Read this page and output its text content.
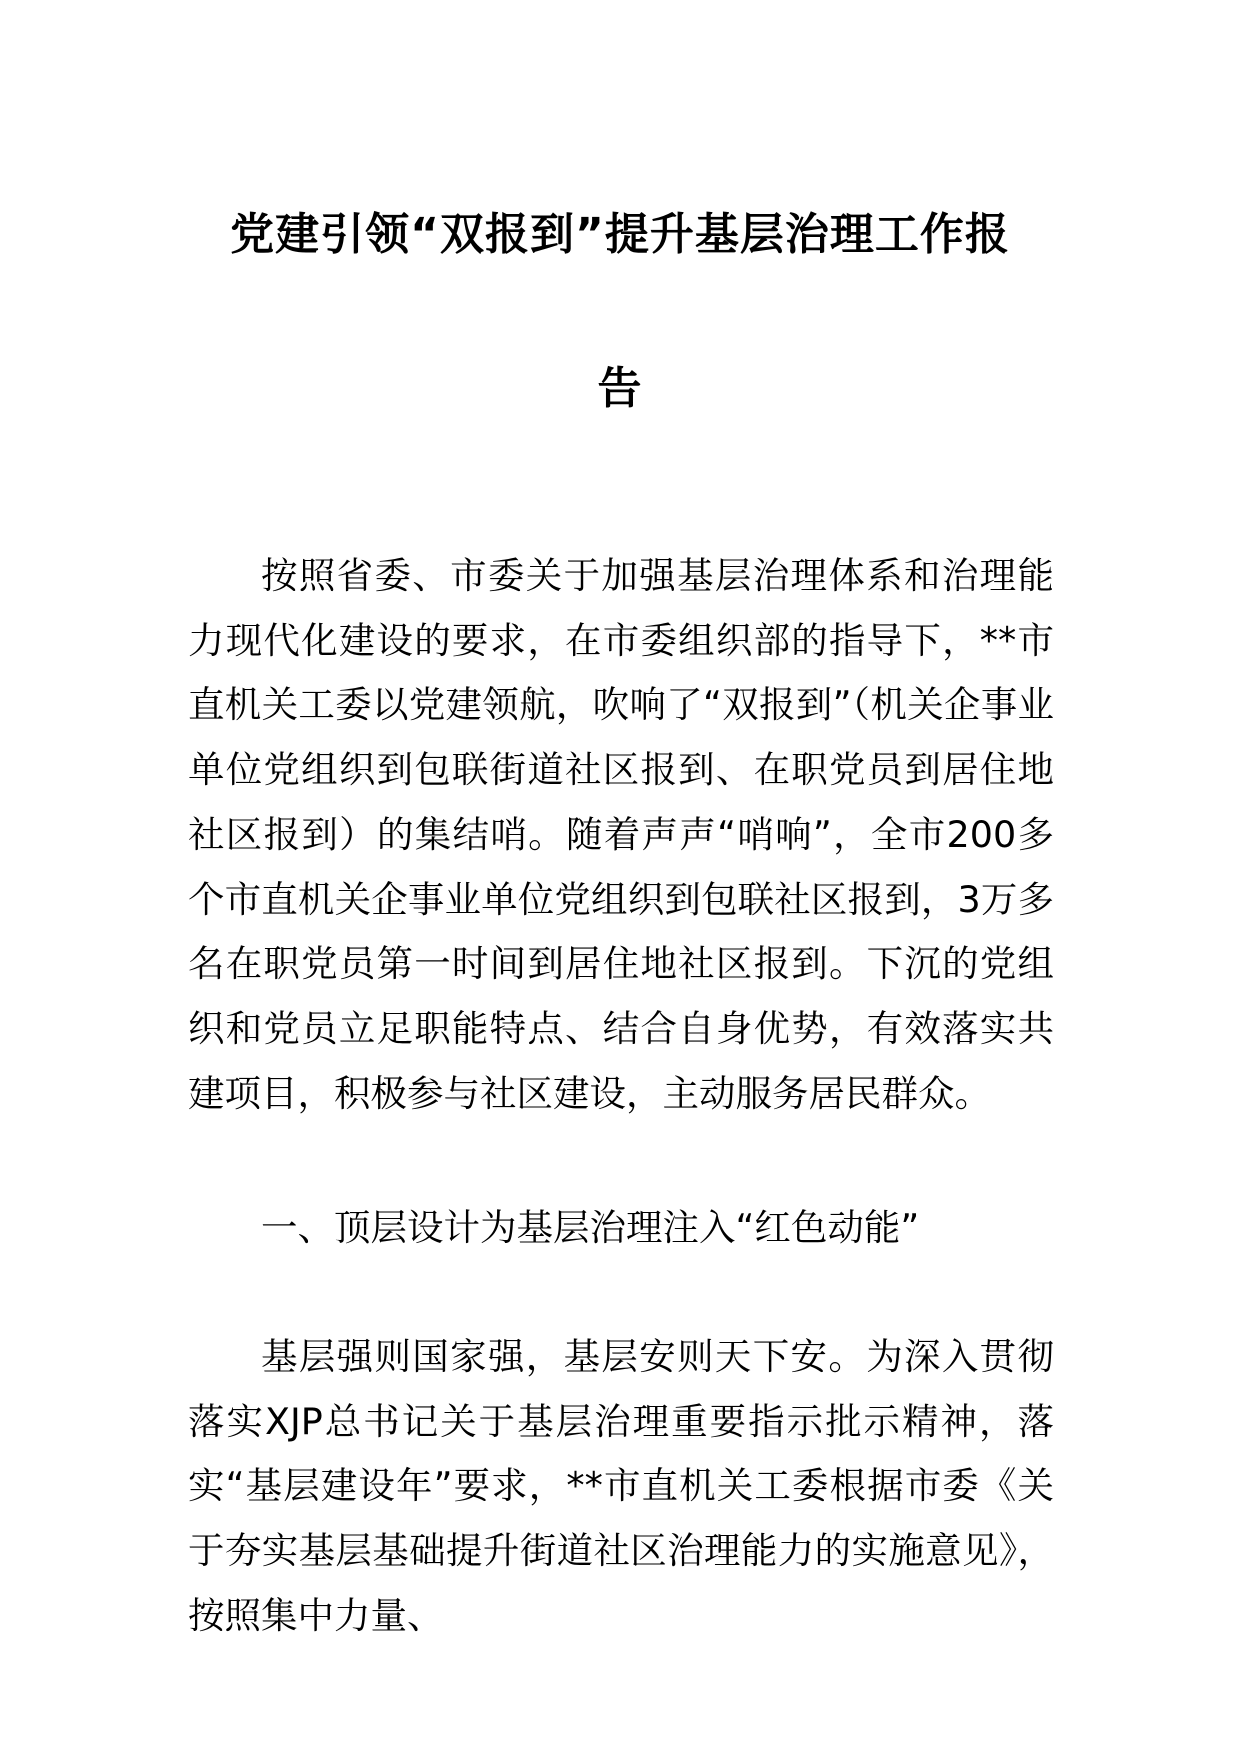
党建引领“双报到”提升基层治理工作报
告

按照省委、市委关于加强基层治理体系和治理能力现代化建设的要求，在市委组织部的指导下，**市直机关工委以党建领航，吹响了“双报到”（机关企事业单位党组织到包联街道社区报到、在职党员到居住地社区报到）的集结哨。随着声声“哨响”，全市200多个市直机关企事业单位党组织到包联社区报到，3万多名在职党员第一时间到居住地社区报到。下沉的党组织和党员立足职能特点、结合自身优势，有效落实共建项目，积极参与社区建设，主动服务居民群众。

一、顶层设计为基层治理注入“红色动能”

基层强则国家强，基层安则天下安。为深入贯彻落实XJP总书记关于基层治理重要指示批示精神，落实“基层建设年”要求，**市直机关工委根据市委《关于夯实基层基础提升街道社区治理能力的实施意见》，按照集中力量、
